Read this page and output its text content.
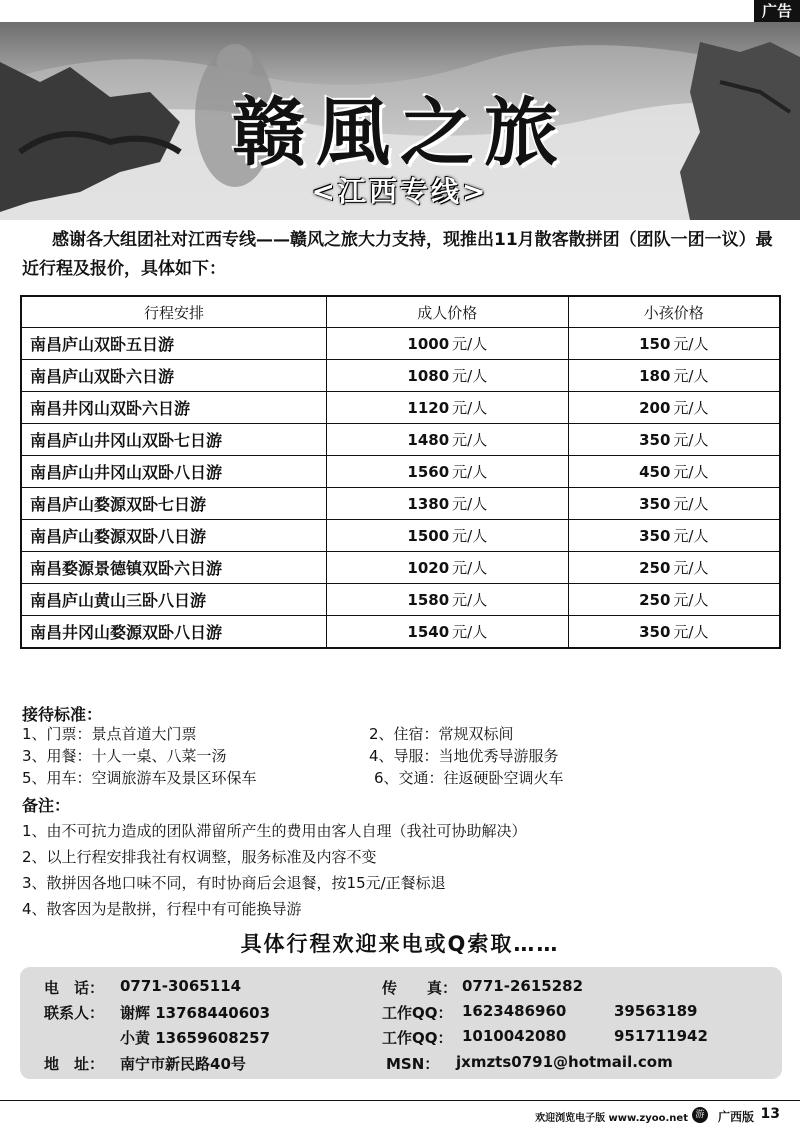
广告
赣風之旅
<江西专线>
感谢各大组团社对江西专线——赣风之旅大力支持，现推出11月散客散拼团（团队一团一议）最近行程及报价，具体如下：
行程安排	成人价格	小孩价格
南昌庐山双卧五日游	1000 元/人	150 元/人
南昌庐山双卧六日游	1080 元/人	180 元/人
南昌井冈山双卧六日游	1120 元/人	200 元/人
南昌庐山井冈山双卧七日游	1480 元/人	350 元/人
南昌庐山井冈山双卧八日游	1560 元/人	450 元/人
南昌庐山婺源双卧七日游	1380 元/人	350 元/人
南昌庐山婺源双卧八日游	1500 元/人	350 元/人
南昌婺源景德镇双卧六日游	1020 元/人	250 元/人
南昌庐山黄山三卧八日游	1580 元/人	250 元/人
南昌井冈山婺源双卧八日游	1540 元/人	350 元/人
接待标准：
1、门票：景点首道大门票	2、住宿：常规双标间
3、用餐：十人一桌、八菜一汤	4、导服：当地优秀导游服务
5、用车：空调旅游车及景区环保车	6、交通：往返硬卧空调火车
备注：
1、由不可抗力造成的团队滞留所产生的费用由客人自理（我社可协助解决）
2、以上行程安排我社有权调整，服务标准及内容不变
3、散拼因各地口味不同，有时协商后会退餐，按15元/正餐标退
4、散客因为是散拼，行程中有可能换导游
具体行程欢迎来电或Q索取……
电　话： 0771-3065114	传　　真： 0771-2615282
联系人： 谢辉 13768440603	工作QQ： 1623486960	39563189
小黄 13659608257	工作QQ： 1010042080	951711942
地　址： 南宁市新民路40号	MSN： jxmzts0791@hotmail.com
欢迎浏览电子版 www.zyoo.net 游 广西版 13
